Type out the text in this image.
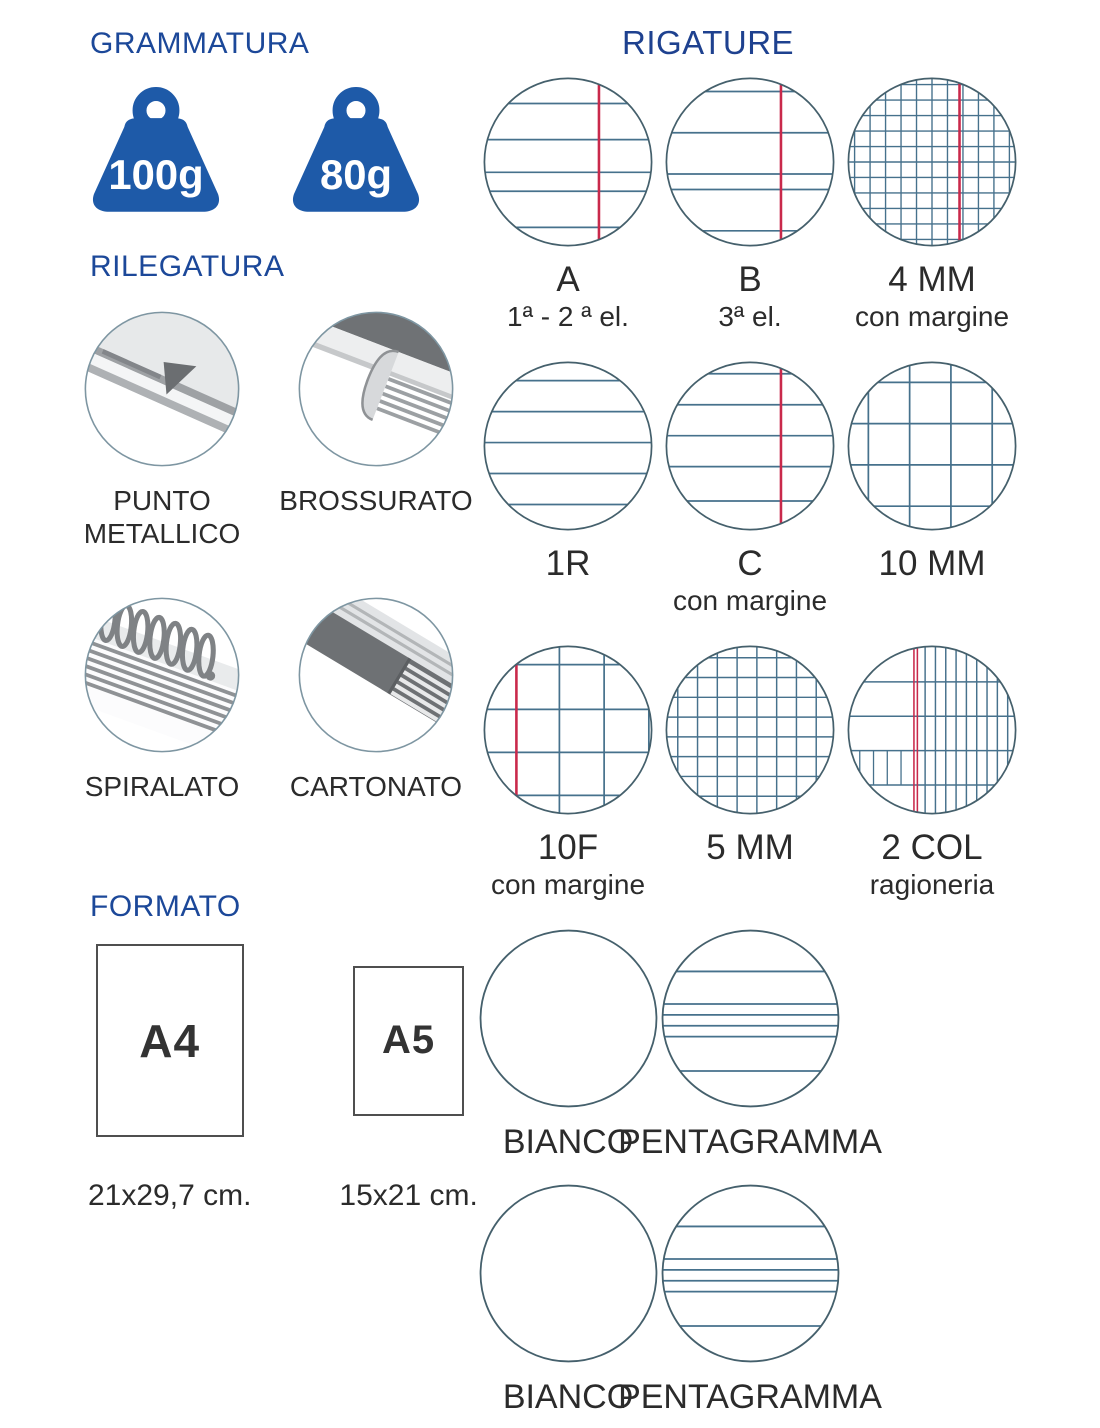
GRAMMATURA
100g	80g
RILEGATURA
PUNTO METALLICO
BROSSURATO
SPIRALATO CARTONATO
FORMATO
A4
21x29,7 cm.
A5
15x21 cm.
RIGATURE
A
1ª - 2 ª el.
B
3ª el.
4 MM
con margine
1R	C
con margine
10 MM
10F
con margine
5 MM	2 COL
ragioneria
BIANCO
PENTAGRAMMA
BIANCO
PENTAGRAMMA
